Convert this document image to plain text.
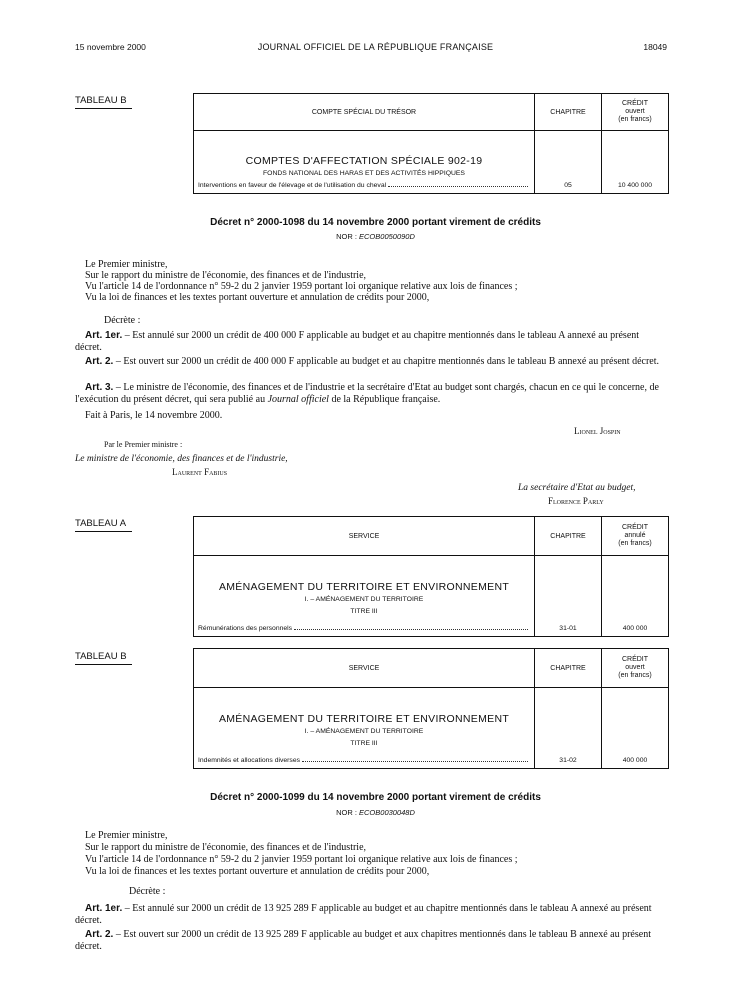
15 novembre 2000	JOURNAL OFFICIEL DE LA RÉPUBLIQUE FRANÇAISE	18049
TABLEAU B
COMPTE SPÉCIAL DU TRÉSOR	CHAPITRE	CRÉDIT
ouvert
(en francs)

COMPTES D'AFFECTATION SPÉCIALE 902-19
FONDS NATIONAL DES HARAS ET DES ACTIVITÉS HIPPIQUES
Interventions en faveur de l'élevage et de l'utilisation du cheval	05	10 400 000
Décret n° 2000-1098 du 14 novembre 2000 portant virement de crédits
NOR : ECOB0050090D
Le Premier ministre,
Sur le rapport du ministre de l'économie, des finances et de l'industrie,
Vu l'article 14 de l'ordonnance n° 59-2 du 2 janvier 1959 portant loi organique relative aux lois de finances ;
Vu la loi de finances et les textes portant ouverture et annulation de crédits pour 2000,
Décrète :
Art. 1er. – Est annulé sur 2000 un crédit de 400 000 F applicable au budget et au chapitre mentionnés dans le tableau A annexé au présent décret.
Art. 2. – Est ouvert sur 2000 un crédit de 400 000 F applicable au budget et au chapitre mentionnés dans le tableau B annexé au présent décret.
Art. 3. – Le ministre de l'économie, des finances et de l'industrie et la secrétaire d'Etat au budget sont chargés, chacun en ce qui le concerne, de l'exécution du présent décret, qui sera publié au Journal officiel de la République française.
Fait à Paris, le 14 novembre 2000.
Lionel Jospin
Par le Premier ministre :
Le ministre de l'économie, des finances et de l'industrie,
Laurent Fabius
La secrétaire d'Etat au budget,
Florence Parly
TABLEAU A
SERVICE	CHAPITRE	CRÉDIT
annulé
(en francs)

AMÉNAGEMENT DU TERRITOIRE ET ENVIRONNEMENT
I. – AMÉNAGEMENT DU TERRITOIRE
TITRE III
Rémunérations des personnels	31-01	400 000
TABLEAU B
SERVICE	CHAPITRE	CRÉDIT
ouvert
(en francs)

AMÉNAGEMENT DU TERRITOIRE ET ENVIRONNEMENT
I. – AMÉNAGEMENT DU TERRITOIRE
TITRE III
Indemnités et allocations diverses	31-02	400 000
Décret n° 2000-1099 du 14 novembre 2000 portant virement de crédits
NOR : ECOB0030048D
Le Premier ministre,
Sur le rapport du ministre de l'économie, des finances et de l'industrie,
Vu l'article 14 de l'ordonnance n° 59-2 du 2 janvier 1959 portant loi organique relative aux lois de finances ;
Vu la loi de finances et les textes portant ouverture et annulation de crédits pour 2000,
Décrète :
Art. 1er. – Est annulé sur 2000 un crédit de 13 925 289 F applicable au budget et au chapitre mentionnés dans le tableau A annexé au présent décret.
Art. 2. – Est ouvert sur 2000 un crédit de 13 925 289 F applicable au budget et aux chapitres mentionnés dans le tableau B annexé au présent décret.
